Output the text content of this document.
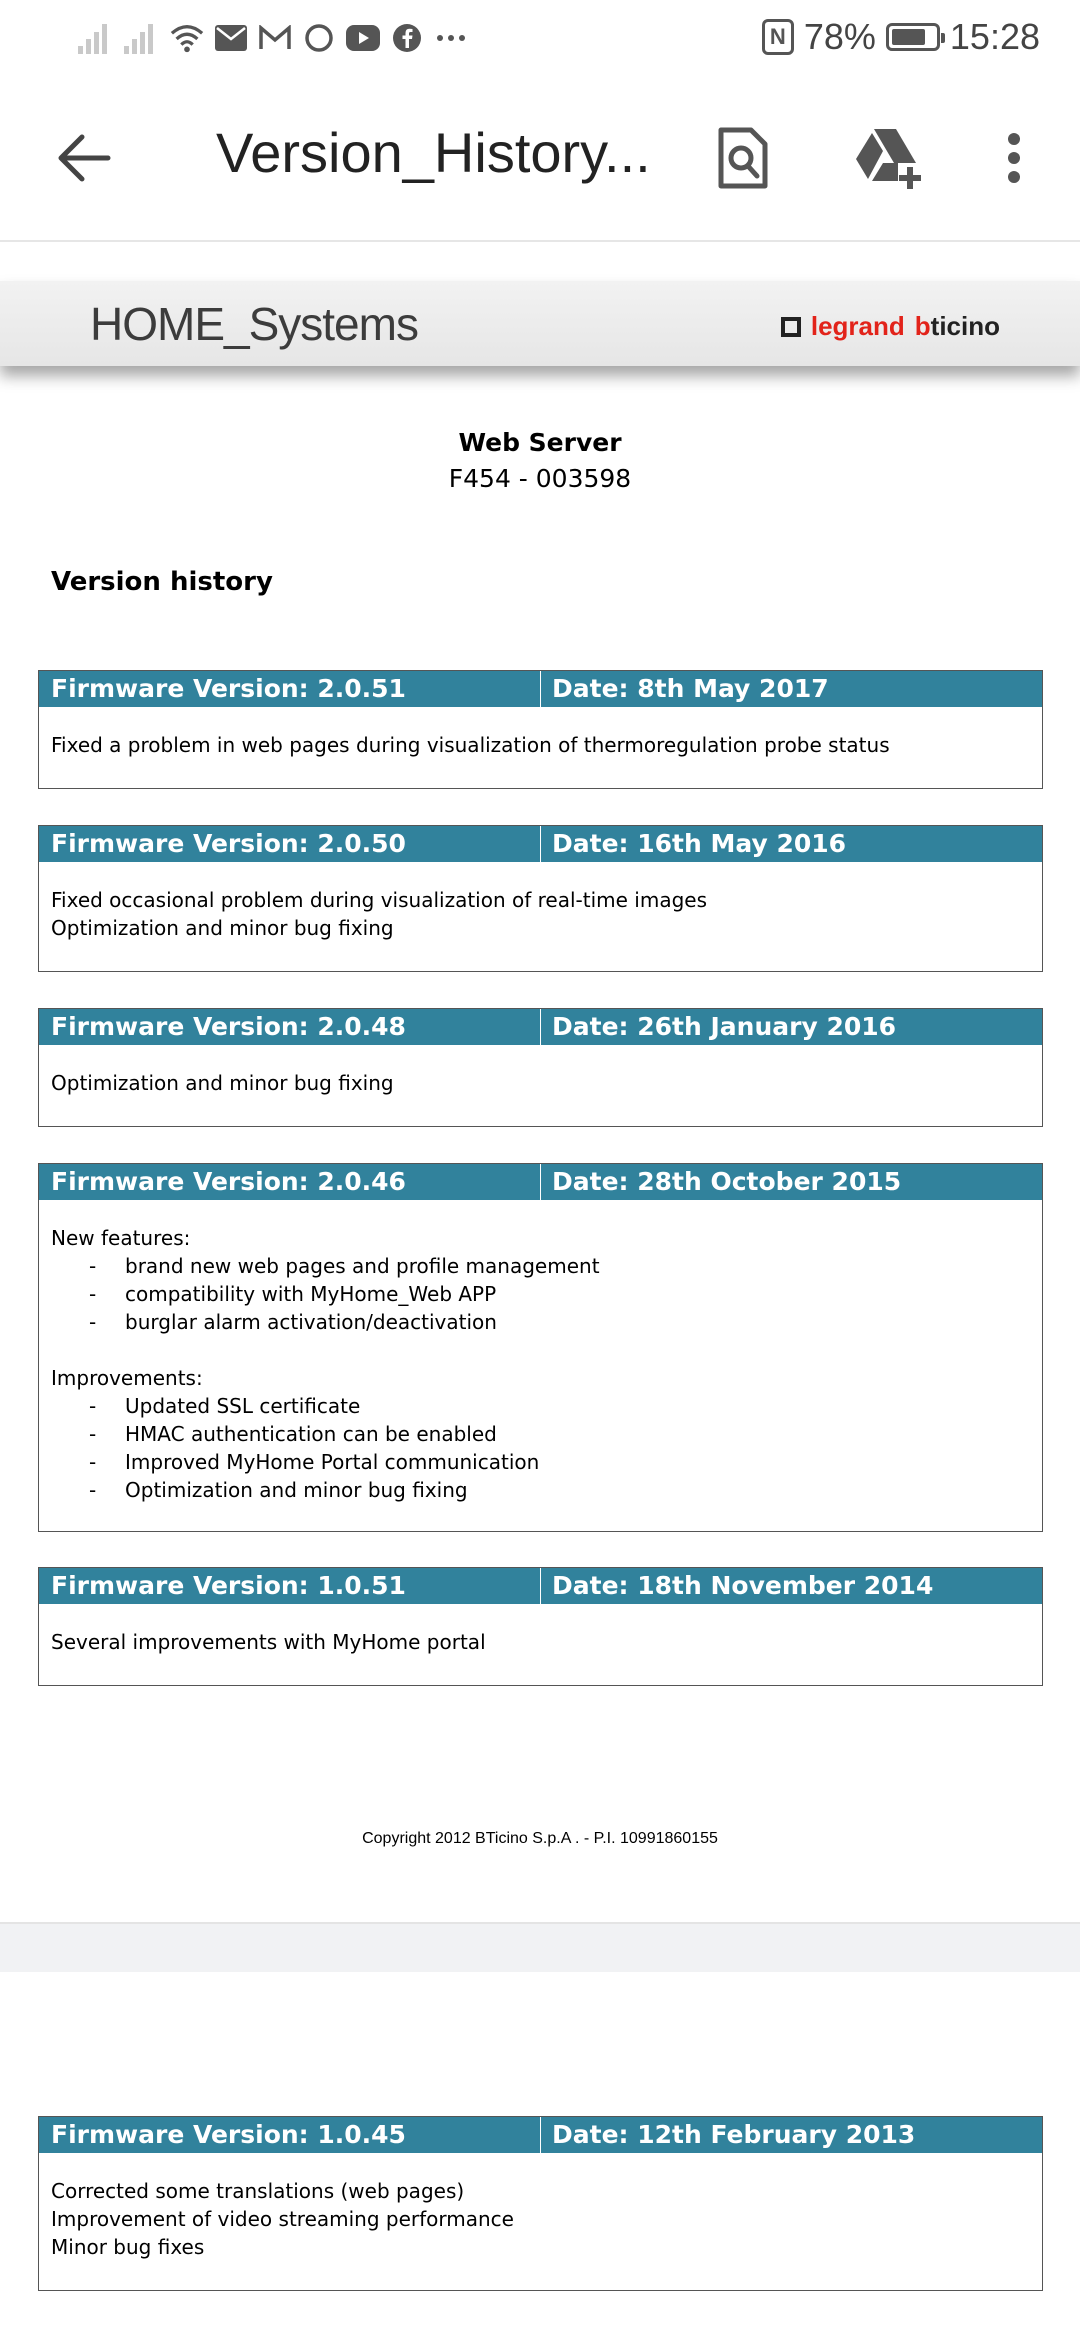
N 78% 15:28
Version_History...
HOME_Systems	legrand bticino
Web Server
F454 - 003598
Version history
Firmware Version: 2.0.51	Date: 8th May 2017
Fixed a problem in web pages during visualization of thermoregulation probe status
Firmware Version: 2.0.50	Date: 16th May 2016
Fixed occasional problem during visualization of real-time images
Optimization and minor bug fixing
Firmware Version: 2.0.48	Date: 26th January 2016
Optimization and minor bug fixing
Firmware Version: 2.0.46	Date: 28th October 2015
New features:
- brand new web pages and profile management
- compatibility with MyHome_Web APP
- burglar alarm activation/deactivation
Improvements:
- Updated SSL certificate
- HMAC authentication can be enabled
- Improved MyHome Portal communication
- Optimization and minor bug fixing
Firmware Version: 1.0.51	Date: 18th November 2014
Several improvements with MyHome portal
Copyright 2012 BTicino S.p.A . - P.I. 10991860155
Firmware Version: 1.0.45	Date: 12th February 2013
Corrected some translations (web pages)
Improvement of video streaming performance
Minor bug fixes
